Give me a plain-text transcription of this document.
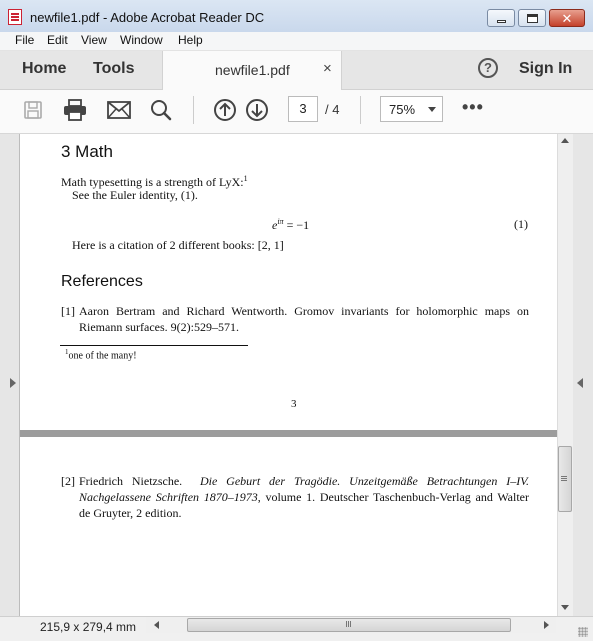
newfile1.pdf - Adobe Acrobat Reader DC	✕
File Edit View Window Help
Home Tools	newfile1.pdf ×	?	Sign In
3	/ 4	75%	•••
3 Math
Math typesetting is a strength of LyX:$^1$
See the Euler identity, (1).
$e^{i\pi} = -1$	(1)
Here is a citation of 2 different books: [2, 1]
References
[1] Aaron Bertram and Richard Wentworth. Gromov invariants for holomorphic maps on Riemann surfaces. 9(2):529–571.
$^1$one of the many!
3
[2] Friedrich Nietzsche. Die Geburt der Tragödie. Unzeitgemäße Betrachtungen I–IV. Nachgelassene Schriften 1870–1973, volume 1. Deutscher Taschenbuch-Verlag and Walter de Gruyter, 2 edition.
215,9 x 279,4 mm
